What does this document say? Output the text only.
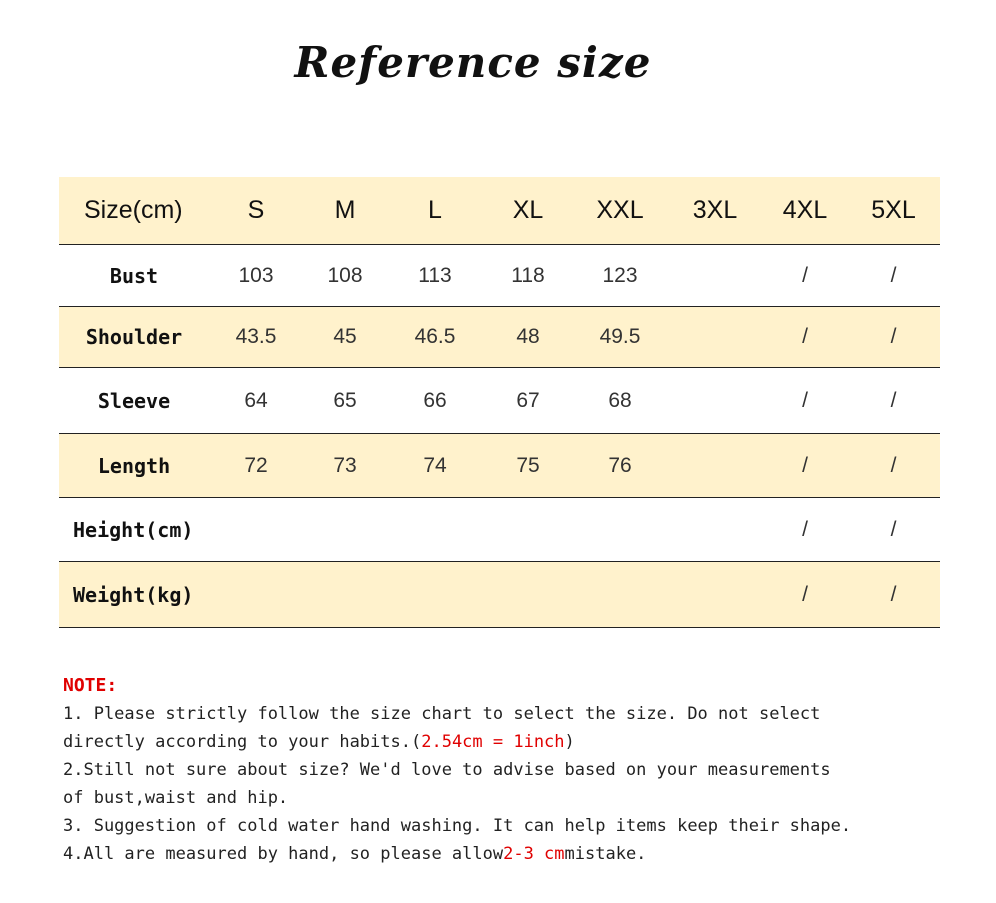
Reference size
Size(cm)	S	M	L	XL	XXL	3XL	4XL	5XL
Bust	103	108	113	118	123		/	/
Shoulder	43.5	45	46.5	48	49.5		/	/
Sleeve	64	65	66	67	68		/	/
Length	72	73	74	75	76		/	/
Height(cm)							/	/
Weight(kg)							/	/

NOTE:

1. Please strictly follow the size chart to select the size. Do not select

directly according to your habits.(2.54cm = 1inch)

2.Still not sure about size? We'd love to advise based on your measurements

of bust,waist and hip.

3. Suggestion of cold water hand washing. It can help items keep their shape.

4.All are measured by hand, so please allow2-3 cmmistake.
